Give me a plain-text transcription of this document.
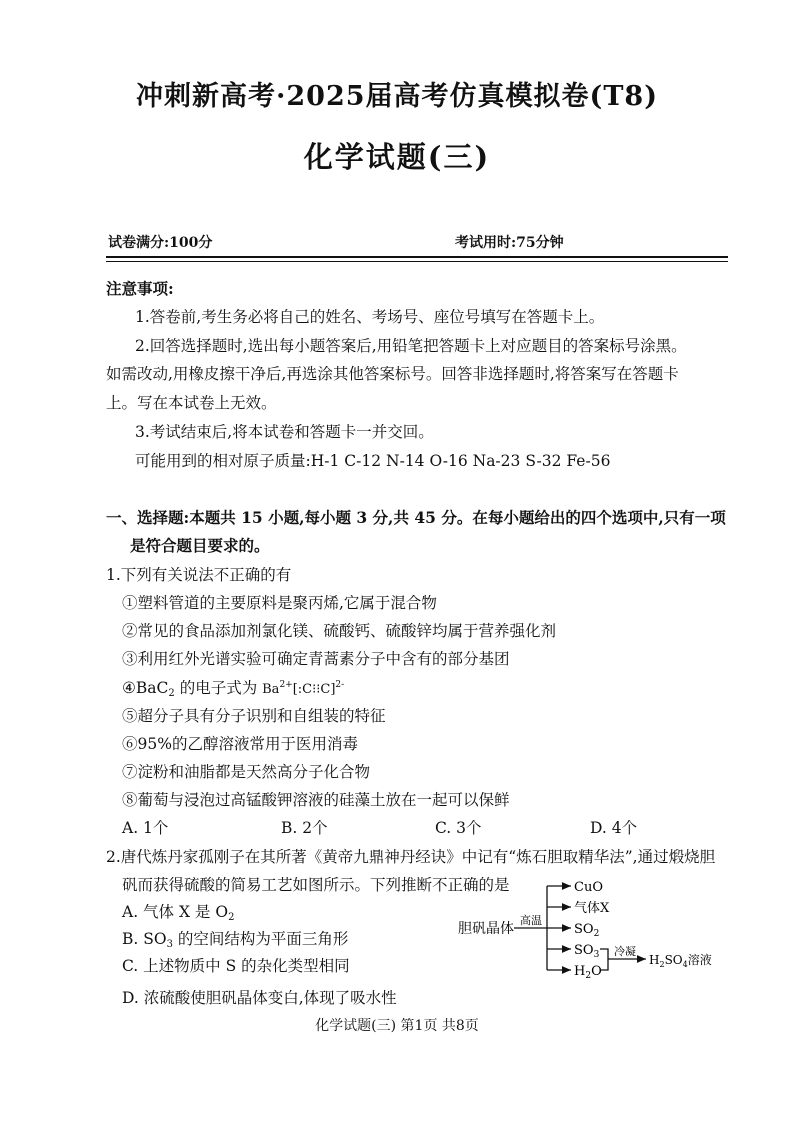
冲刺新高考·2025届高考仿真模拟卷(T8)
化学试题(三)
试卷满分:100分	考试用时:75分钟
注意事项:
1.答卷前,考生务必将自己的姓名、考场号、座位号填写在答题卡上。
2.回答选择题时,选出每小题答案后,用铅笔把答题卡上对应题目的答案标号涂黑。
如需改动,用橡皮擦干净后,再选涂其他答案标号。回答非选择题时,将答案写在答题卡
上。写在本试卷上无效。
3.考试结束后,将本试卷和答题卡一并交回。
可能用到的相对原子质量:H-1 C-12 N-14 O-16 Na-23 S-32 Fe-56
一、选择题:本题共 15 小题,每小题 3 分,共 45 分。在每小题给出的四个选项中,只有一项
是符合题目要求的。
1.下列有关说法不正确的有
①塑料管道的主要原料是聚丙烯,它属于混合物
②常见的食品添加剂氯化镁、硫酸钙、硫酸锌均属于营养强化剂
③利用红外光谱实验可确定青蒿素分子中含有的部分基团
④BaC$_2$ 的电子式为 $Ba^{2+}[:C⁝⁝C]^{2-}$
⑤超分子具有分子识别和自组装的特征
⑥95%的乙醇溶液常用于医用消毒
⑦淀粉和油脂都是天然高分子化合物
⑧葡萄与浸泡过高锰酸钾溶液的硅藻土放在一起可以保鲜
A. 1个	B. 2个	C. 3个	D. 4个
2.唐代炼丹家孤刚子在其所著《黄帝九鼎神丹经诀》中记有“炼石胆取精华法”,通过煅烧胆
矾而获得硫酸的简易工艺如图所示。下列推断不正确的是
A. 气体 X 是 $O_2$
B. $SO_3$ 的空间结构为平面三角形
C. 上述物质中 S 的杂化类型相同
D. 浓硫酸使胆矾晶体变白,体现了吸水性
胆矾晶体
高温
CuO
气体X
$SO_2$
$SO_3$
$H_2O$
冷凝
$H_2SO_4$溶液
化学试题(三) 第1页 共8页
